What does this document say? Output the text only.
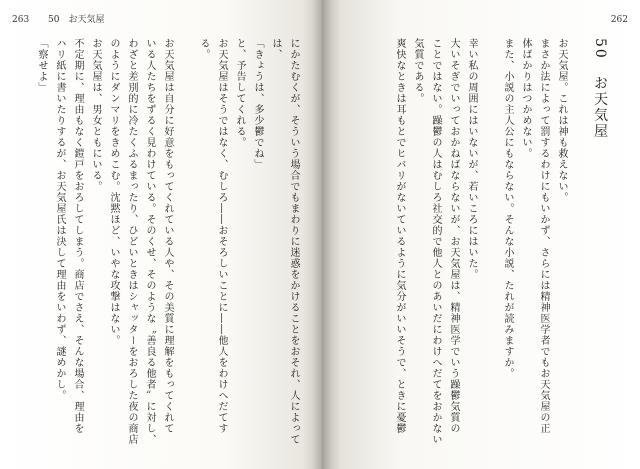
263 50　お天気屋
にかたむくが、そういう場合でもまわりに迷惑をかけることをおそれ、人によって
は、
「きょうは、多少鬱でね」
と、予告してくれる。
お天気屋はそうではなく、むしろ――おそろしいことに――他人をわけへだてす
る。
お天気屋は自分に好意をもってくれている人や、その美質に理解をもってくれて
いる人たちをずるく見わけている。そのくせ、そのような〝善良る他者〟に対し、
わざと差別的に冷たくふるまったり、ひどいときはシャッターをおろした夜の商店
のようにダンマリをきめこむ。沈黙ほど、いやな攻撃はない。
お天気屋は、男女ともにいる。
不定期に、理由もなく鎧戸をおろしてしまう。商店でさえ、そんな場合、理由を
ハリ紙に書いたりするが、お天気屋氏は決して理由をいわず、謎めかし。
「察せよ」
262
50　お天気屋
お天気屋。これは神も救えない。
まさか法によって罰するわけにもいかず、さらには精神医学者でもお天気屋の正
体ばかりはつかめない。
また、小説の主人公にもならない。そんな小説、たれが読みますか。
幸い私の周囲にはいないが、若いころにはいた。
大いそぎでいっておかねばならないが、お天気屋は、精神医学でいう躁鬱気質の
ことではない。躁鬱の人はむしろ社交的で他人とのあいだにわけへだてをおかない
気質である。
爽快なときは耳もとでヒバリがないているように気分がいいそうで、ときに憂鬱
